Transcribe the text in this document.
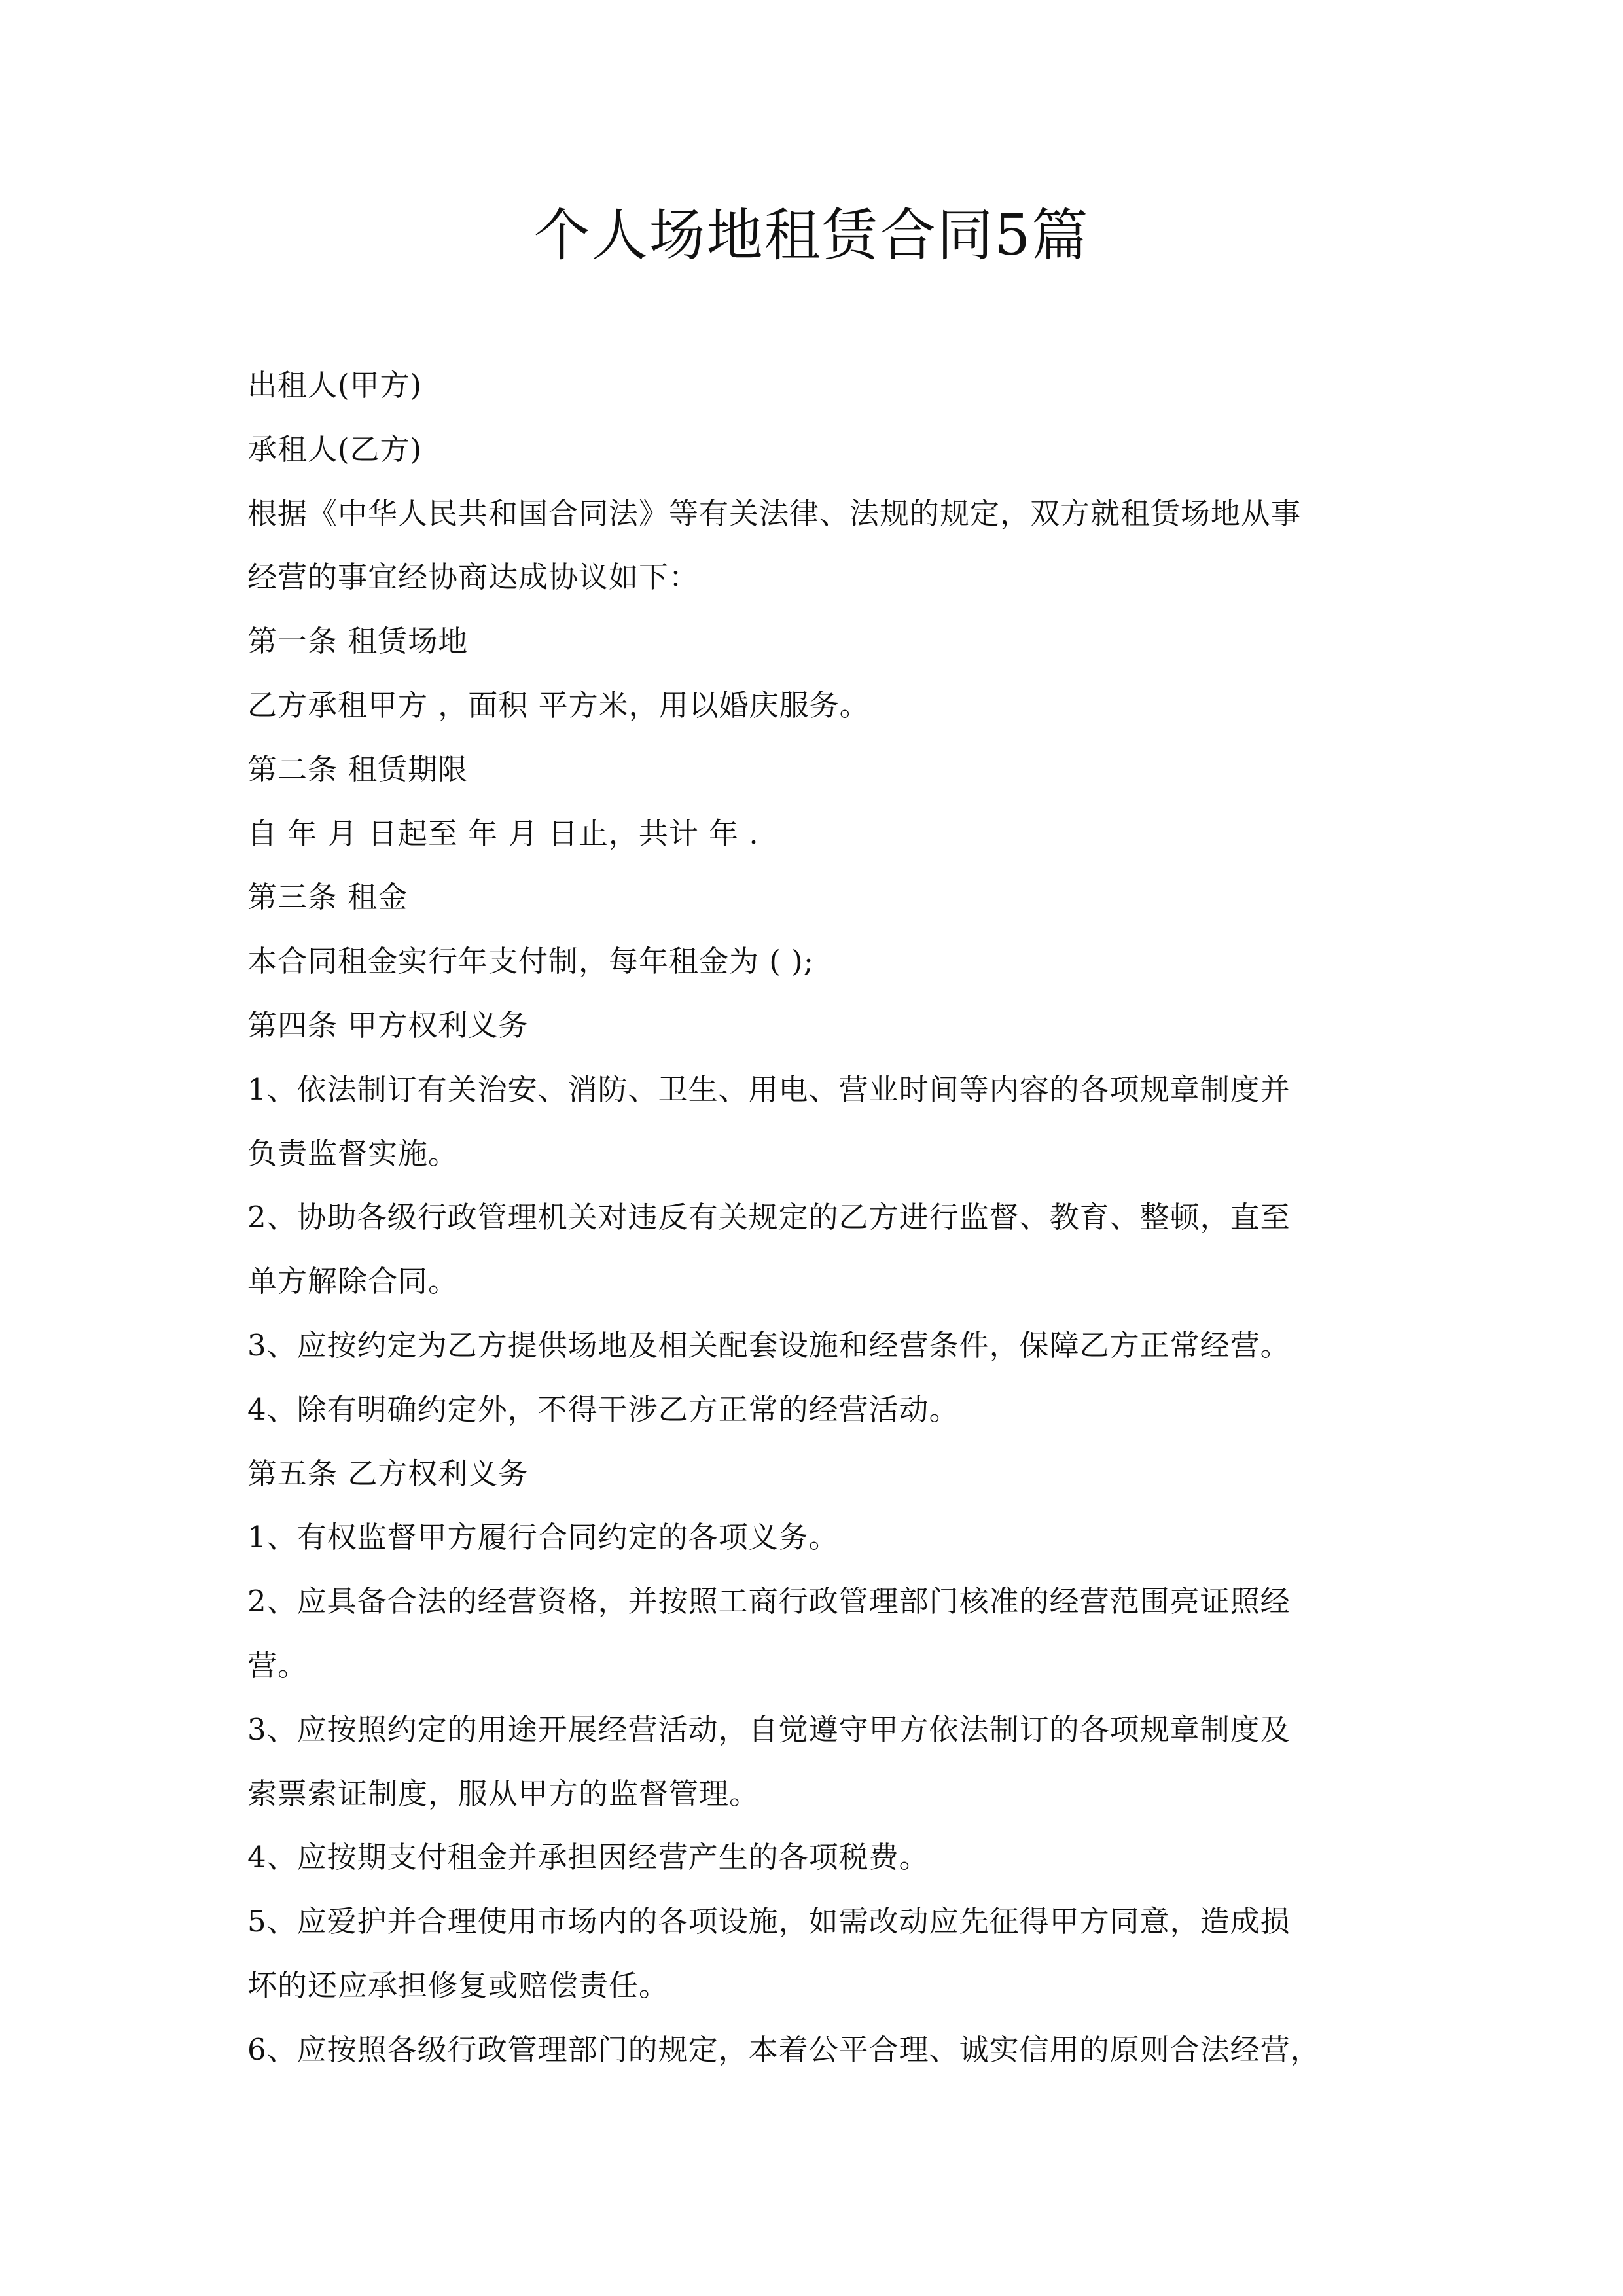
个人场地租赁合同5篇
出租人(甲方)
承租人(乙方)
根据《中华人民共和国合同法》等有关法律、法规的规定，双方就租赁场地从事
经营的事宜经协商达成协议如下：
第一条 租赁场地
乙方承租甲方 ，面积 平方米，用以婚庆服务。
第二条 租赁期限
自 年 月 日起至 年 月 日止，共计 年 .
第三条 租金
本合同租金实行年支付制，每年租金为 ( );
第四条 甲方权利义务
1、依法制订有关治安、消防、卫生、用电、营业时间等内容的各项规章制度并
负责监督实施。
2、协助各级行政管理机关对违反有关规定的乙方进行监督、教育、整顿，直至
单方解除合同。
3、应按约定为乙方提供场地及相关配套设施和经营条件，保障乙方正常经营。
4、除有明确约定外，不得干涉乙方正常的经营活动。
第五条 乙方权利义务
1、有权监督甲方履行合同约定的各项义务。
2、应具备合法的经营资格，并按照工商行政管理部门核准的经营范围亮证照经
营。
3、应按照约定的用途开展经营活动，自觉遵守甲方依法制订的各项规章制度及
索票索证制度，服从甲方的监督管理。
4、应按期支付租金并承担因经营产生的各项税费。
5、应爱护并合理使用市场内的各项设施，如需改动应先征得甲方同意，造成损
坏的还应承担修复或赔偿责任。
6、应按照各级行政管理部门的规定，本着公平合理、诚实信用的原则合法经营，
